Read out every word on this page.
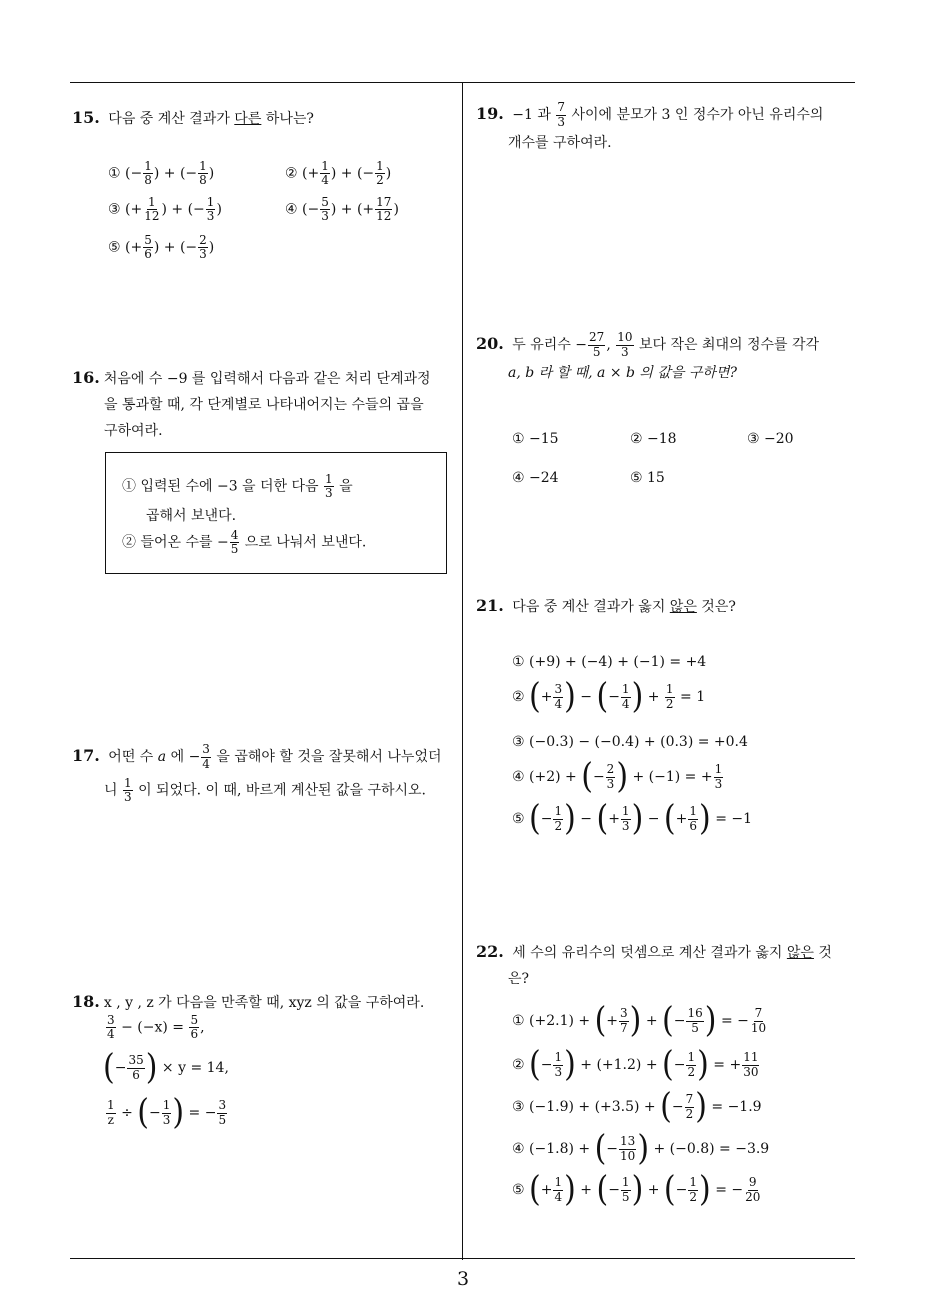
3
15. 다음 중 계산 결과가 다른 하나는?
① (− $\frac{1}{8}$ ) + (− $\frac{1}{8}$ )	② (+ $\frac{1}{4}$ ) + (− $\frac{1}{2}$ )
③ (+ $\frac{1}{12}$ ) + (− $\frac{1}{3}$ )	④ (− $\frac{5}{3}$ ) + (+ $\frac{17}{12}$ )
⑤ (+ $\frac{5}{6}$ ) + (− $\frac{2}{3}$ )
16. 처음에 수 −9 를 입력해서 다음과 같은 처리 단계과정
을 통과할 때, 각 단계별로 나타내어지는 수들의 곱을
구하여라.
① 입력된 수에 −3 을 더한 다음 $\frac{1}{3}$ 을
곱해서 보낸다.
② 들어온 수를 − $\frac{4}{5}$ 으로 나눠서 보낸다.
17. 어떤 수 a 에 − $\frac{3}{4}$ 을 곱해야 할 것을 잘못해서 나누었더
니 $\frac{1}{3}$ 이 되었다. 이 때, 바르게 계산된 값을 구하시오.
18. x , y , z 가 다음을 만족할 때, xyz 의 값을 구하여라.
$\frac{3}{4} - (-x) = \frac{5}{6}$ ,
(− $\frac{35}{6}$ ) × y = 14,
$\frac{1}{z}$ ÷ (− $\frac{1}{3}$ ) = − $\frac{3}{5}$
19. −1 과 $\frac{7}{3}$ 사이에 분모가 3 인 정수가 아닌 유리수의
개수를 구하여라.
20. 두 유리수 − $\frac{27}{5}$ , $\frac{10}{3}$ 보다 작은 최대의 정수를 각각
a, b 라 할 때, a × b 의 값을 구하면?
① −15	② −18	③ −20
④ −24	⑤ 15
21. 다음 중 계산 결과가 옳지 않은 것은?
① (+9) + (−4) + (−1) = +4
② (+ $\frac{3}{4}$ ) − (− $\frac{1}{4}$ ) + $\frac{1}{2} = 1$
③ (−0.3) − (−0.4) + (0.3) = +0.4
④ (+2) + (− $\frac{2}{3}$ ) + (−1) = + $\frac{1}{3}$
⑤ (− $\frac{1}{2}$ ) − (+ $\frac{1}{3}$ ) − (+ $\frac{1}{6}$ ) = −1
22. 세 수의 유리수의 덧셈으로 계산 결과가 옳지 않은 것
은?
① (+2.1) + (+ $\frac{3}{7}$ ) + (− $\frac{16}{5}$ ) = − $\frac{7}{10}$
② (− $\frac{1}{3}$ ) + (+1.2) + (− $\frac{1}{2}$ ) = + $\frac{11}{30}$
③ (−1.9) + (+3.5) + (− $\frac{7}{2}$ ) = −1.9
④ (−1.8) + (− $\frac{13}{10}$ ) + (−0.8) = −3.9
⑤ (+ $\frac{1}{4}$ ) + (− $\frac{1}{5}$ ) + (− $\frac{1}{2}$ ) = − $\frac{9}{20}$
